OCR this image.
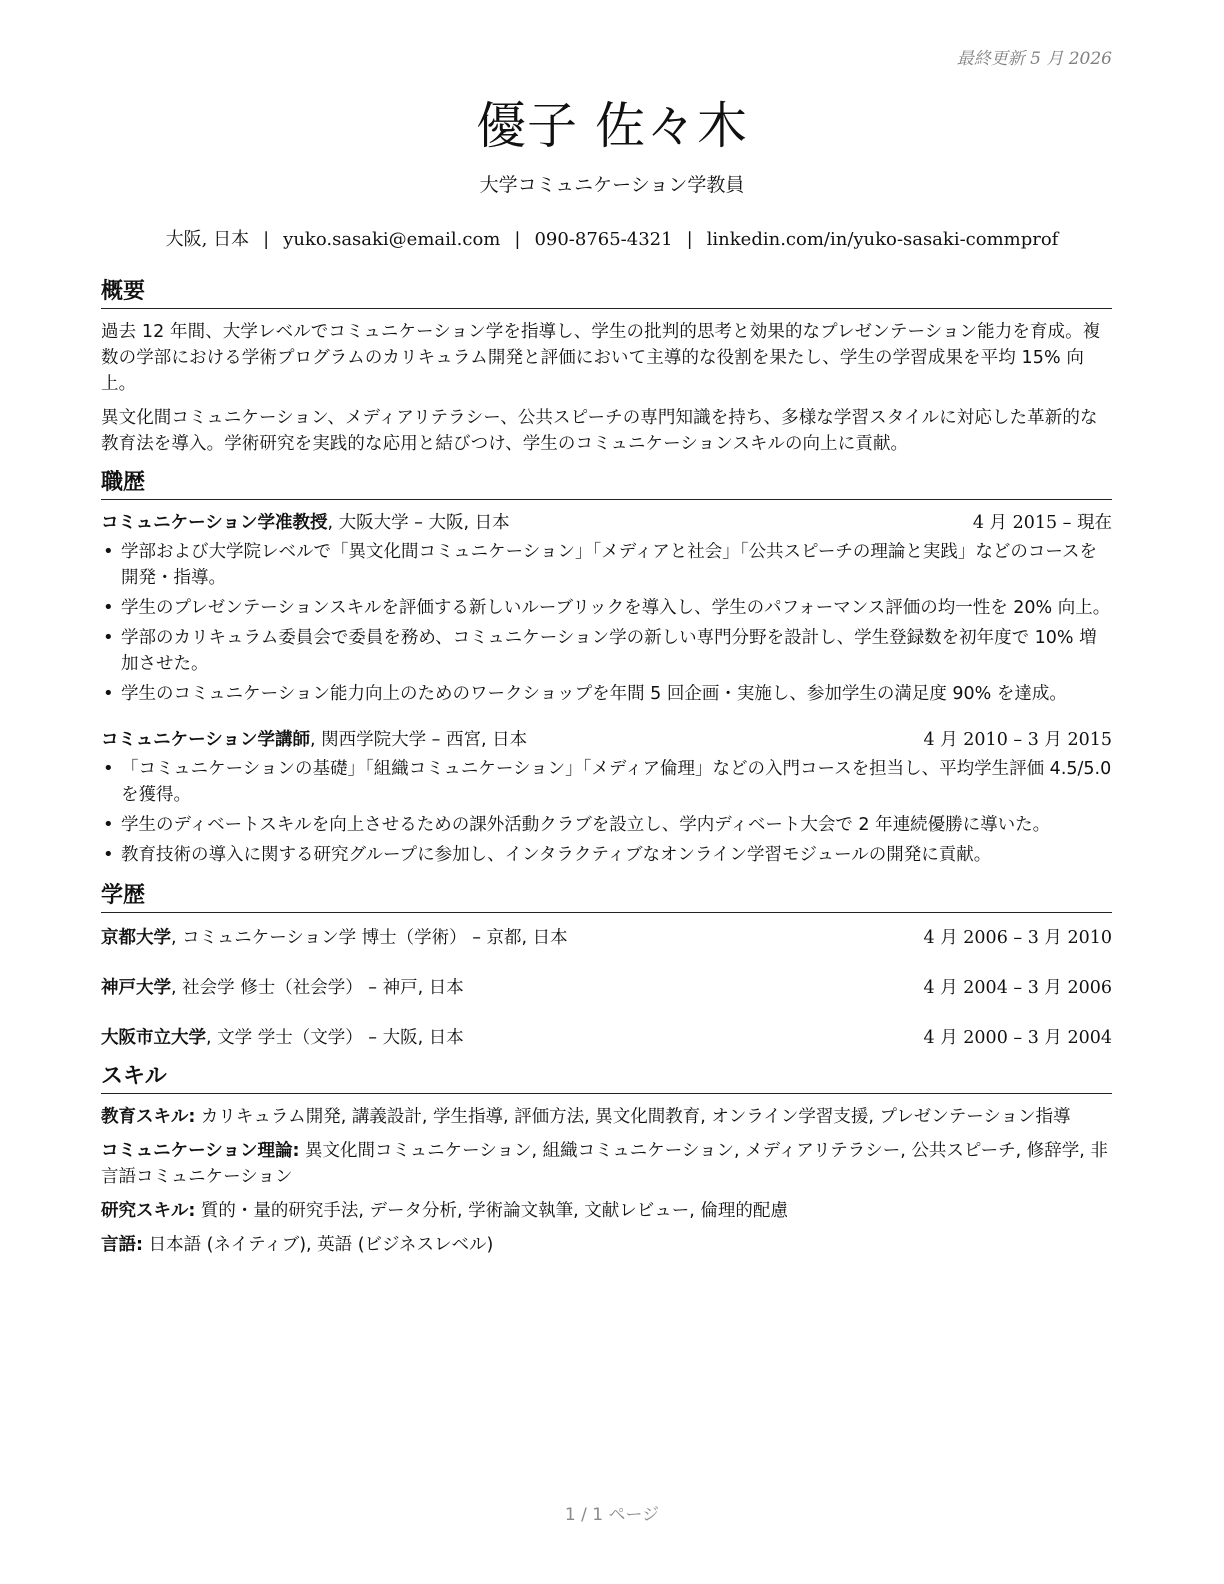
最終更新 5 月 2026
優子 佐々木
大学コミュニケーション学教員
大阪, 日本 | yuko.sasaki@email.com | 090-8765-4321 | linkedin.com/in/yuko-sasaki-commprof
概要

過去 12 年間、大学レベルでコミュニケーション学を指導し、学生の批判的思考と効果的なプレゼンテーション能力を育成。複数の学部における学術プログラムのカリキュラム開発と評価において主導的な役割を果たし、学生の学習成果を平均 15% 向上。

異文化間コミュニケーション、メディアリテラシー、公共スピーチの専門知識を持ち、多様な学習スタイルに対応した革新的な教育法を導入。学術研究を実践的な応用と結びつけ、学生のコミュニケーションスキルの向上に貢献。

職歴
コミュニケーション学准教授, 大阪大学 – 大阪, 日本	4 月 2015 – 現在
• 学部および大学院レベルで「異文化間コミュニケーション」「メディアと社会」「公共スピーチの理論と実践」などのコースを開発・指導。
• 学生のプレゼンテーションスキルを評価する新しいルーブリックを導入し、学生のパフォーマンス評価の均一性を 20% 向上。
• 学部のカリキュラム委員会で委員を務め、コミュニケーション学の新しい専門分野を設計し、学生登録数を初年度で 10% 増加させた。
• 学生のコミュニケーション能力向上のためのワークショップを年間 5 回企画・実施し、参加学生の満足度 90% を達成。
コミュニケーション学講師, 関西学院大学 – 西宮, 日本	4 月 2010 – 3 月 2015
• 「コミュニケーションの基礎」「組織コミュニケーション」「メディア倫理」などの入門コースを担当し、平均学生評価 4.5/5.0 を獲得。
• 学生のディベートスキルを向上させるための課外活動クラブを設立し、学内ディベート大会で 2 年連続優勝に導いた。
• 教育技術の導入に関する研究グループに参加し、インタラクティブなオンライン学習モジュールの開発に貢献。
学歴
京都大学, コミュニケーション学 博士（学術） – 京都, 日本	4 月 2006 – 3 月 2010
神戸大学, 社会学 修士（社会学） – 神戸, 日本	4 月 2004 – 3 月 2006
大阪市立大学, 文学 学士（文学） – 大阪, 日本	4 月 2000 – 3 月 2004
スキル
教育スキル: カリキュラム開発, 講義設計, 学生指導, 評価方法, 異文化間教育, オンライン学習支援, プレゼンテーション指導
コミュニケーション理論: 異文化間コミュニケーション, 組織コミュニケーション, メディアリテラシー, 公共スピーチ, 修辞学, 非言語コミュニケーション
研究スキル: 質的・量的研究手法, データ分析, 学術論文執筆, 文献レビュー, 倫理的配慮
言語: 日本語 (ネイティブ), 英語 (ビジネスレベル)
1 / 1 ページ
